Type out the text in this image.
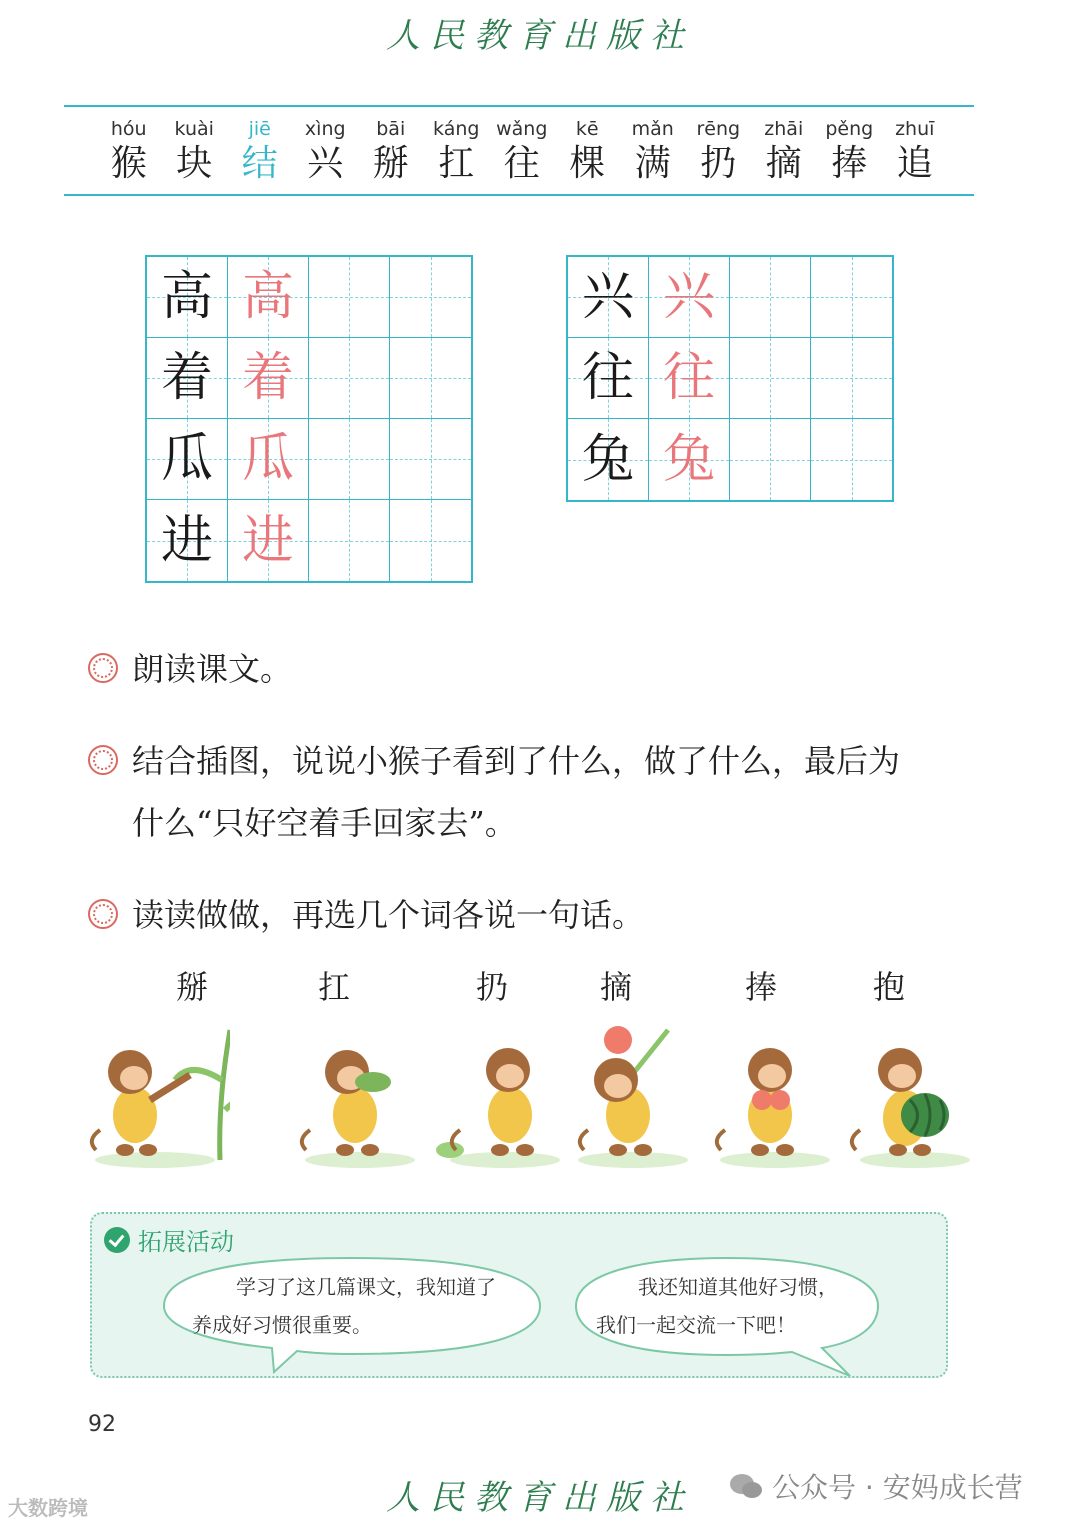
人民教育出版社
hóu
猴
kuài
块
jiē
结
xìng
兴
bāi
掰
káng
扛
wǎng
往
kē
棵
mǎn
满
rēng
扔
zhāi
摘
pěng
捧
zhuī
追
高 高
着 着
瓜 瓜
进 进
兴 兴
往 往
兔 兔
朗读课文。
结合插图，说说小猴子看到了什么，做了什么，最后为
什么“只好空着手回家去”。
读读做做，再选几个词各说一句话。
掰	扛	扔	摘	捧	抱
拓展活动
学习了这几篇课文，我知道了
养成好习惯很重要。
我还知道其他好习惯，
我们一起交流一下吧！
92
人民教育出版社	公众号 · 安妈成长营
大数跨境
